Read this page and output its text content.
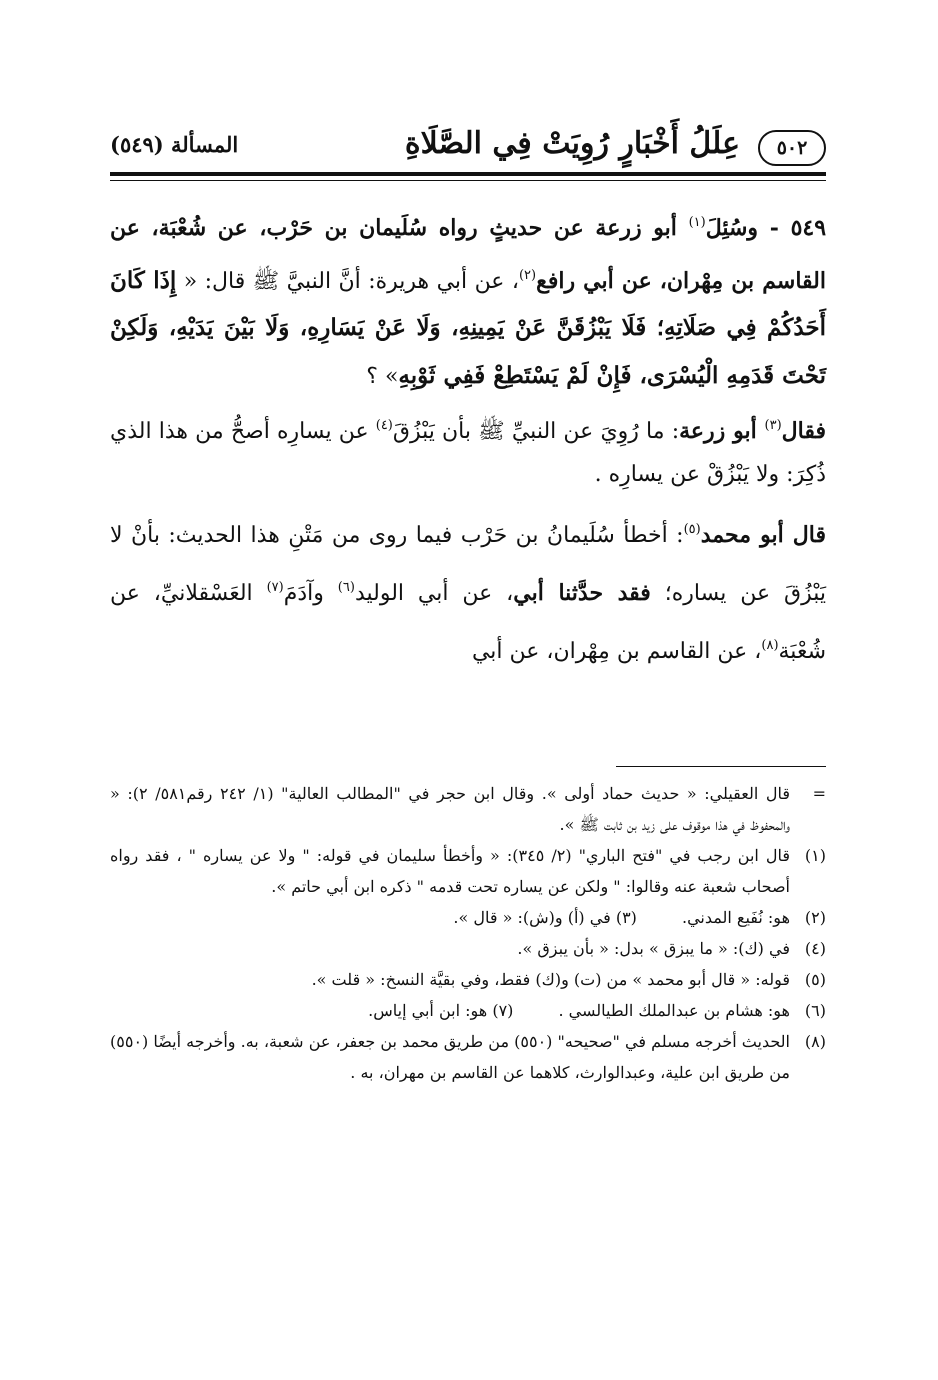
٥٠٢
عِلَلُ أَخْبَارٍ رُوِيَتْ فِي الصَّلَاةِ
المسألة (٥٤٩)

٥٤٩ - وسُئِلَ$^{(١)}$ أبو زرعة عن حديثٍ رواه سُلَيمان بن حَرْب، عن شُعْبَة، عن القاسم بن مِهْران، عن أبي رافع$^{(٢)}$، عن أبي هريرة: أنَّ النبيَّ ﷺ قال: « إِذَا كَانَ أَحَدُكُمْ فِي صَلَاتِهِ؛ فَلَا يَبْزُقَنَّ عَنْ يَمِينِهِ، وَلَا عَنْ يَسَارِهِ، وَلَا بَيْنَ يَدَيْهِ، وَلَكِنْ تَحْتَ قَدَمِهِ الْيُسْرَى، فَإِنْ لَمْ يَسْتَطِعْ فَفِي ثَوْبِهِ» ؟

فقال$^{(٣)}$ أبو زرعة: ما رُوِيَ عن النبيِّ ﷺ بأن يَبْزُقَ$^{(٤)}$ عن يسارِه أصحُّ من هذا الذي ذُكِرَ: ولا يَبْزُقْ عن يسارِه .

قال أبو محمد$^{(٥)}$: أخطأ سُلَيمانُ بن حَرْب فيما روى من مَتْنِ هذا الحديث: بأنْ لا يَبْزُقَ عن يساره؛ فقد حدَّثنا أبي، عن أبي الوليد$^{(٦)}$ وآدَمَ$^{(٧)}$ العَسْقلانيِّ، عن شُعْبَة$^{(٨)}$، عن القاسم بن مِهْران، عن أبي

=
قال العقيلي: « حديث حماد أولى ». وقال ابن حجر في "المطالب العالية" (١/ ٢٤٢ رقم٥٨١/ ٢): « والمحفوظ في هذا موقوف على زيد بن ثابت ﷺ ».
(١)
قال ابن رجب في "فتح الباري" (٢/ ٣٤٥): « وأخطأ سليمان في قوله: " ولا عن يساره " ، فقد رواه أصحاب شعبة عنه وقالوا: " ولكن عن يساره تحت قدمه " ذكره ابن أبي حاتم ».
(٢)
هو: نُفَيع المدني. (٣) في (أ) و(ش): « قال ».
(٤)
في (ك): « ما يبزق » بدل: « بأن يبزق ».
(٥)
قوله: « قال أبو محمد » من (ت) و(ك) فقط، وفي بقيَّة النسخ: « قلت ».
(٦)
هو: هشام بن عبدالملك الطيالسي . (٧) هو: ابن أبي إياس.
(٨)
الحديث أخرجه مسلم في "صحيحه" (٥٥٠) من طريق محمد بن جعفر، عن شعبة، به. وأخرجه أيضًا (٥٥٠) من طريق ابن علية، وعبدالوارث، كلاهما عن القاسم بن مهران، به .
